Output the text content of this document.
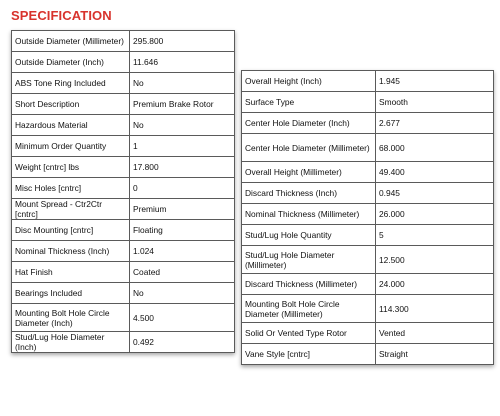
SPECIFICATION
Outside Diameter (Millimeter)	295.800
Outside Diameter (Inch)	11.646
ABS Tone Ring Included	No
Short Description	Premium Brake Rotor
Hazardous Material	No
Minimum Order Quantity	1
Weight [cntrc] lbs	17.800
Misc Holes [cntrc]	0
Mount Spread - Ctr2Ctr [cntrc]	Premium
Disc Mounting [cntrc]	Floating
Nominal Thickness (Inch)	1.024
Hat Finish	Coated
Bearings Included	No
Mounting Bolt Hole Circle Diameter (Inch)	4.500
Stud/Lug Hole Diameter (Inch)	0.492
Overall Height (Inch)	1.945
Surface Type	Smooth
Center Hole Diameter (Inch)	2.677
Center Hole Diameter (Millimeter)	68.000
Overall Height (Millimeter)	49.400
Discard Thickness (Inch)	0.945
Nominal Thickness (Millimeter)	26.000
Stud/Lug Hole Quantity	5
Stud/Lug Hole Diameter (Millimeter)	12.500
Discard Thickness (Millimeter)	24.000
Mounting Bolt Hole Circle Diameter (Millimeter)	114.300
Solid Or Vented Type Rotor	Vented
Vane Style [cntrc]	Straight
